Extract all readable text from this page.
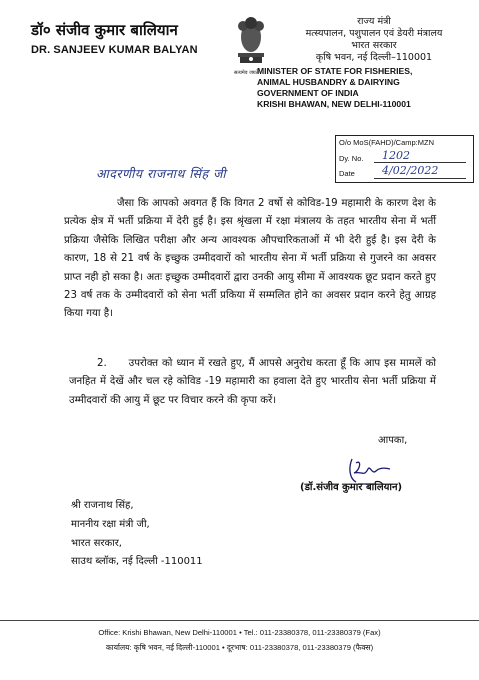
डॉ० संजीव कुमार बालियान
DR. SANJEEV KUMAR BALYAN
सत्यमेव जयते
राज्य मंत्री
मत्स्यपालन, पशुपालन एवं डेयरी मंत्रालय
भारत सरकार
कृषि भवन, नई दिल्ली–110001
MINISTER OF STATE FOR FISHERIES,
ANIMAL HUSBANDRY & DAIRYING
GOVERNMENT OF INDIA
KRISHI BHAWAN, NEW DELHI-110001
O/o MoS(FAHD)/Camp:MZN
Dy. No. 1202
Date 4/02/2022
आदरणीय राजनाथ सिंह जी
जैसा कि आपको अवगत हैं कि विगत 2 वर्षो से कोविड-19 महामारी के कारण देश के प्रत्येक क्षेत्र में भर्ती प्रक्रिया में देरी हुई है। इस श्रृंखला में रक्षा मंत्रालय के तहत भारतीय सेना में भर्ती प्रक्रिया जैसेकि लिखित परीक्षा और अन्य आवश्यक औपचारिकताओं में भी देरी हुई है। इस देरी के कारण, 18 से 21 वर्ष के इच्छुक उम्मीदवारों को भारतीय सेना में भर्ती प्रक्रिया से गुजरने का अवसर प्राप्त नही हो सका है। अतः इच्छुक उम्मीदवारों द्वारा उनकी आयु सीमा में आवश्यक छूट प्रदान करते हुए 23 वर्ष तक के उम्मीदवारों को सेना भर्ती प्रकिया में सम्मलित होने का अवसर प्रदान करने हेतु आग्रह किया गया है।
2. उपरोक्त को ध्यान में रखते हुए, मैं आपसे अनुरोध करता हूँ कि आप इस मामलें को जनहित में देखें और चल रहे कोविड -19 महामारी का हवाला देते हुए भारतीय सेना भर्ती प्रक्रिया में उम्मीदवारों की आयु में छूट पर विचार करने की कृपा करें।
आपका,
(डॉ.संजीव कुमार बालियान)
श्री राजनाथ सिंह,
माननीय रक्षा मंत्री जी,
भारत सरकार,
साउथ ब्लॉक, नई दिल्ली -110011
Office: Krishi Bhawan, New Delhi-110001 • Tel.: 011-23380378, 011-23380379 (Fax)
कार्यालय: कृषि भवन, नई दिल्ली-110001 • दूरभाष: 011-23380378, 011-23380379 (फैक्स)
